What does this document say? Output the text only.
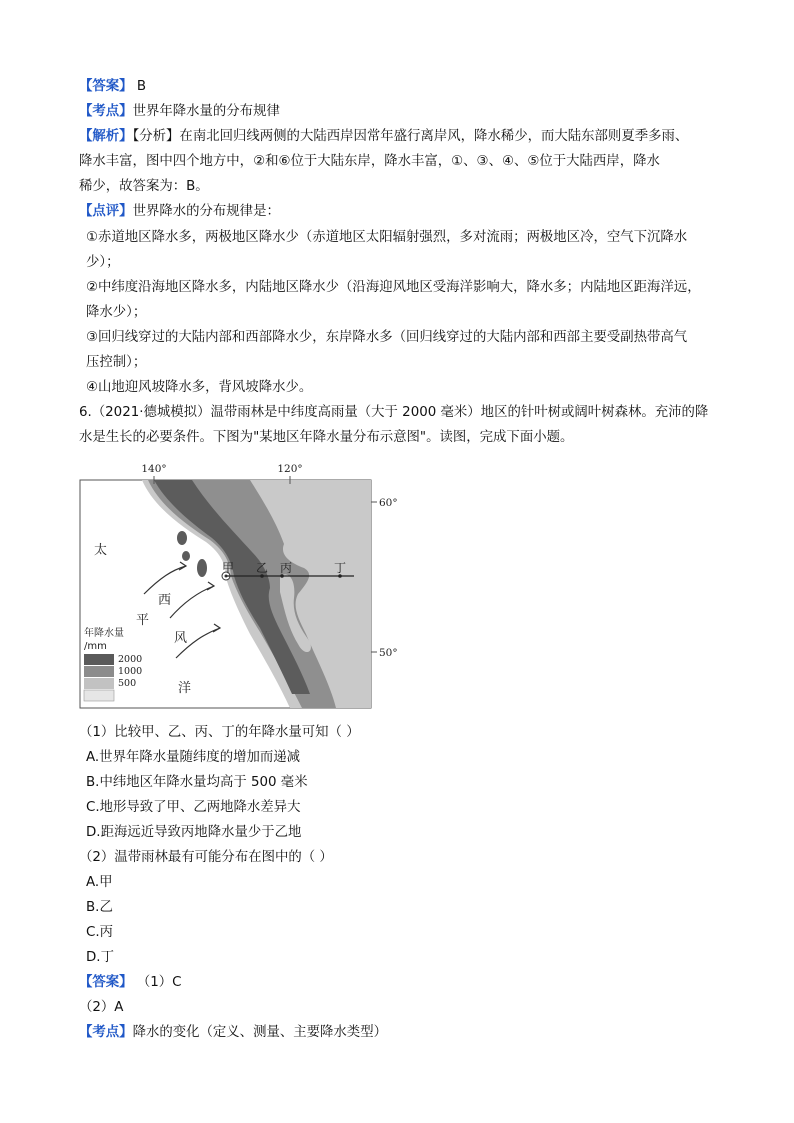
【答案】 B
【考点】世界年降水量的分布规律
【解析】【分析】在南北回归线两侧的大陆西岸因常年盛行离岸风，降水稀少，而大陆东部则夏季多雨、
降水丰富，图中四个地方中，②和⑥位于大陆东岸，降水丰富，①、③、④、⑤位于大陆西岸，降水
稀少，故答案为：B。
【点评】世界降水的分布规律是：
①赤道地区降水多，两极地区降水少（赤道地区太阳辐射强烈，多对流雨；两极地区冷，空气下沉降水
少）；
②中纬度沿海地区降水多，内陆地区降水少（沿海迎风地区受海洋影响大，降水多；内陆地区距海洋远，
降水少）；
③回归线穿过的大陆内部和西部降水少，东岸降水多（回归线穿过的大陆内部和西部主要受副热带高气
压控制）；
④山地迎风坡降水多，背风坡降水少。
6.（2021·德城模拟）温带雨林是中纬度高雨量（大于 2000 毫米）地区的针叶树或阔叶树森林。充沛的降
水是生长的必要条件。下图为"某地区年降水量分布示意图"。读图，完成下面小题。
140°	120°
60°
50°
2000
1000
500
太
平
洋
西
风
甲 乙 丙	丁
年降水量
/mm
（1）比较甲、乙、丙、丁的年降水量可知（ ）
A.世界年降水量随纬度的增加而递减
B.中纬地区年降水量均高于 500 毫米
C.地形导致了甲、乙两地降水差异大
D.距海远近导致丙地降水量少于乙地
（2）温带雨林最有可能分布在图中的（ ）
A.甲
B.乙
C.丙
D.丁
【答案】 （1）C
（2）A
【考点】降水的变化（定义、测量、主要降水类型）
